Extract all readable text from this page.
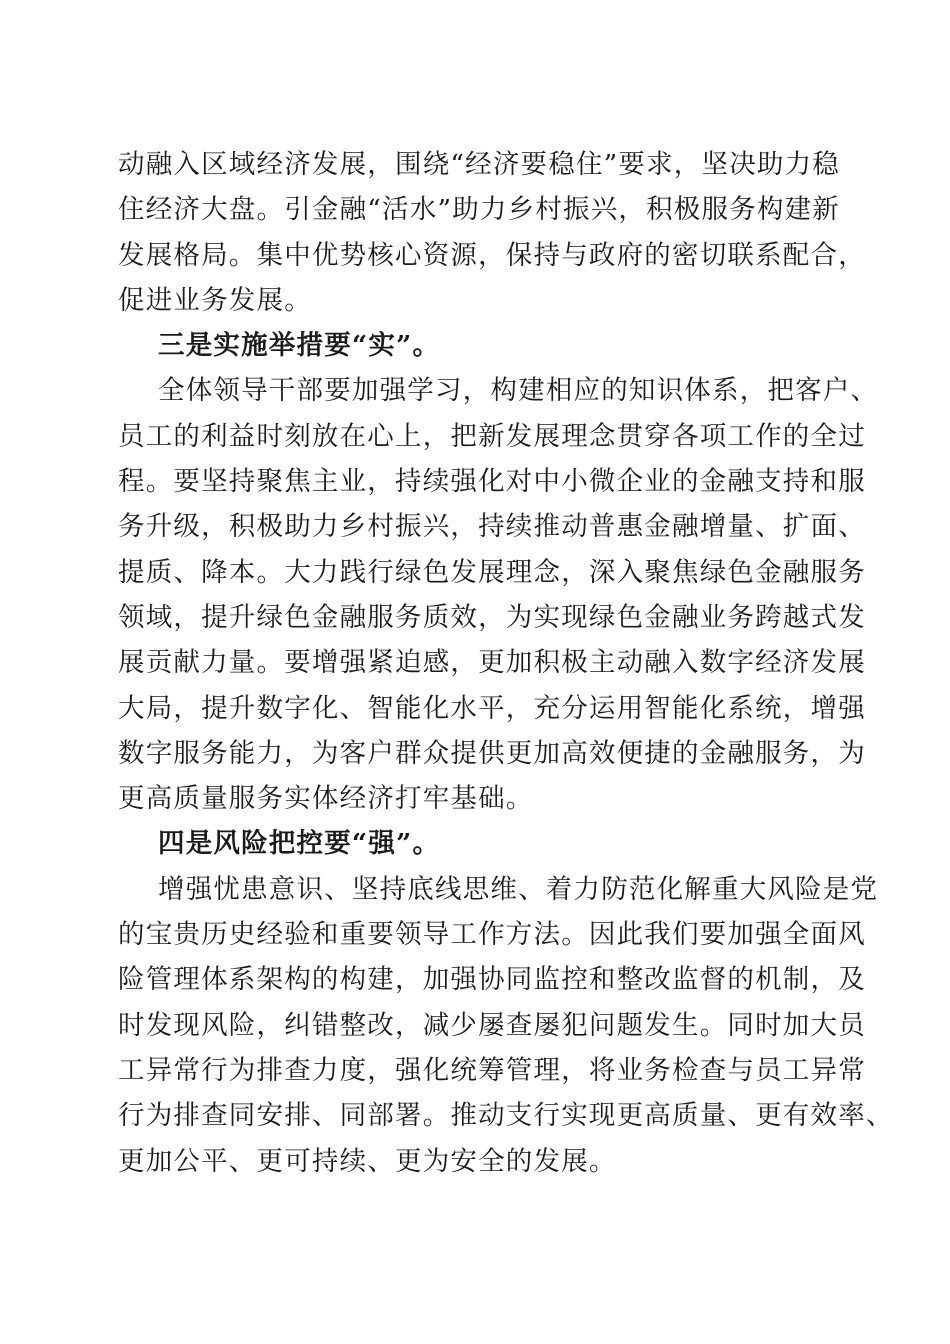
动融入区域经济发展，围绕“经济要稳住”要求，坚决助力稳
住经济大盘。引金融“活水”助力乡村振兴，积极服务构建新
发展格局。集中优势核心资源，保持与政府的密切联系配合，
促进业务发展。
三是实施举措要“实”。
全体领导干部要加强学习，构建相应的知识体系，把客户、
员工的利益时刻放在心上，把新发展理念贯穿各项工作的全过
程。要坚持聚焦主业，持续强化对中小微企业的金融支持和服
务升级，积极助力乡村振兴，持续推动普惠金融增量、扩面、
提质、降本。大力践行绿色发展理念，深入聚焦绿色金融服务
领域，提升绿色金融服务质效，为实现绿色金融业务跨越式发
展贡献力量。要增强紧迫感，更加积极主动融入数字经济发展
大局，提升数字化、智能化水平，充分运用智能化系统，增强
数字服务能力，为客户群众提供更加高效便捷的金融服务，为
更高质量服务实体经济打牢基础。
四是风险把控要“强”。
增强忧患意识、坚持底线思维、着力防范化解重大风险是党
的宝贵历史经验和重要领导工作方法。因此我们要加强全面风
险管理体系架构的构建，加强协同监控和整改监督的机制，及
时发现风险，纠错整改，减少屡查屡犯问题发生。同时加大员
工异常行为排查力度，强化统筹管理，将业务检查与员工异常
行为排查同安排、同部署。推动支行实现更高质量、更有效率、
更加公平、更可持续、更为安全的发展。
